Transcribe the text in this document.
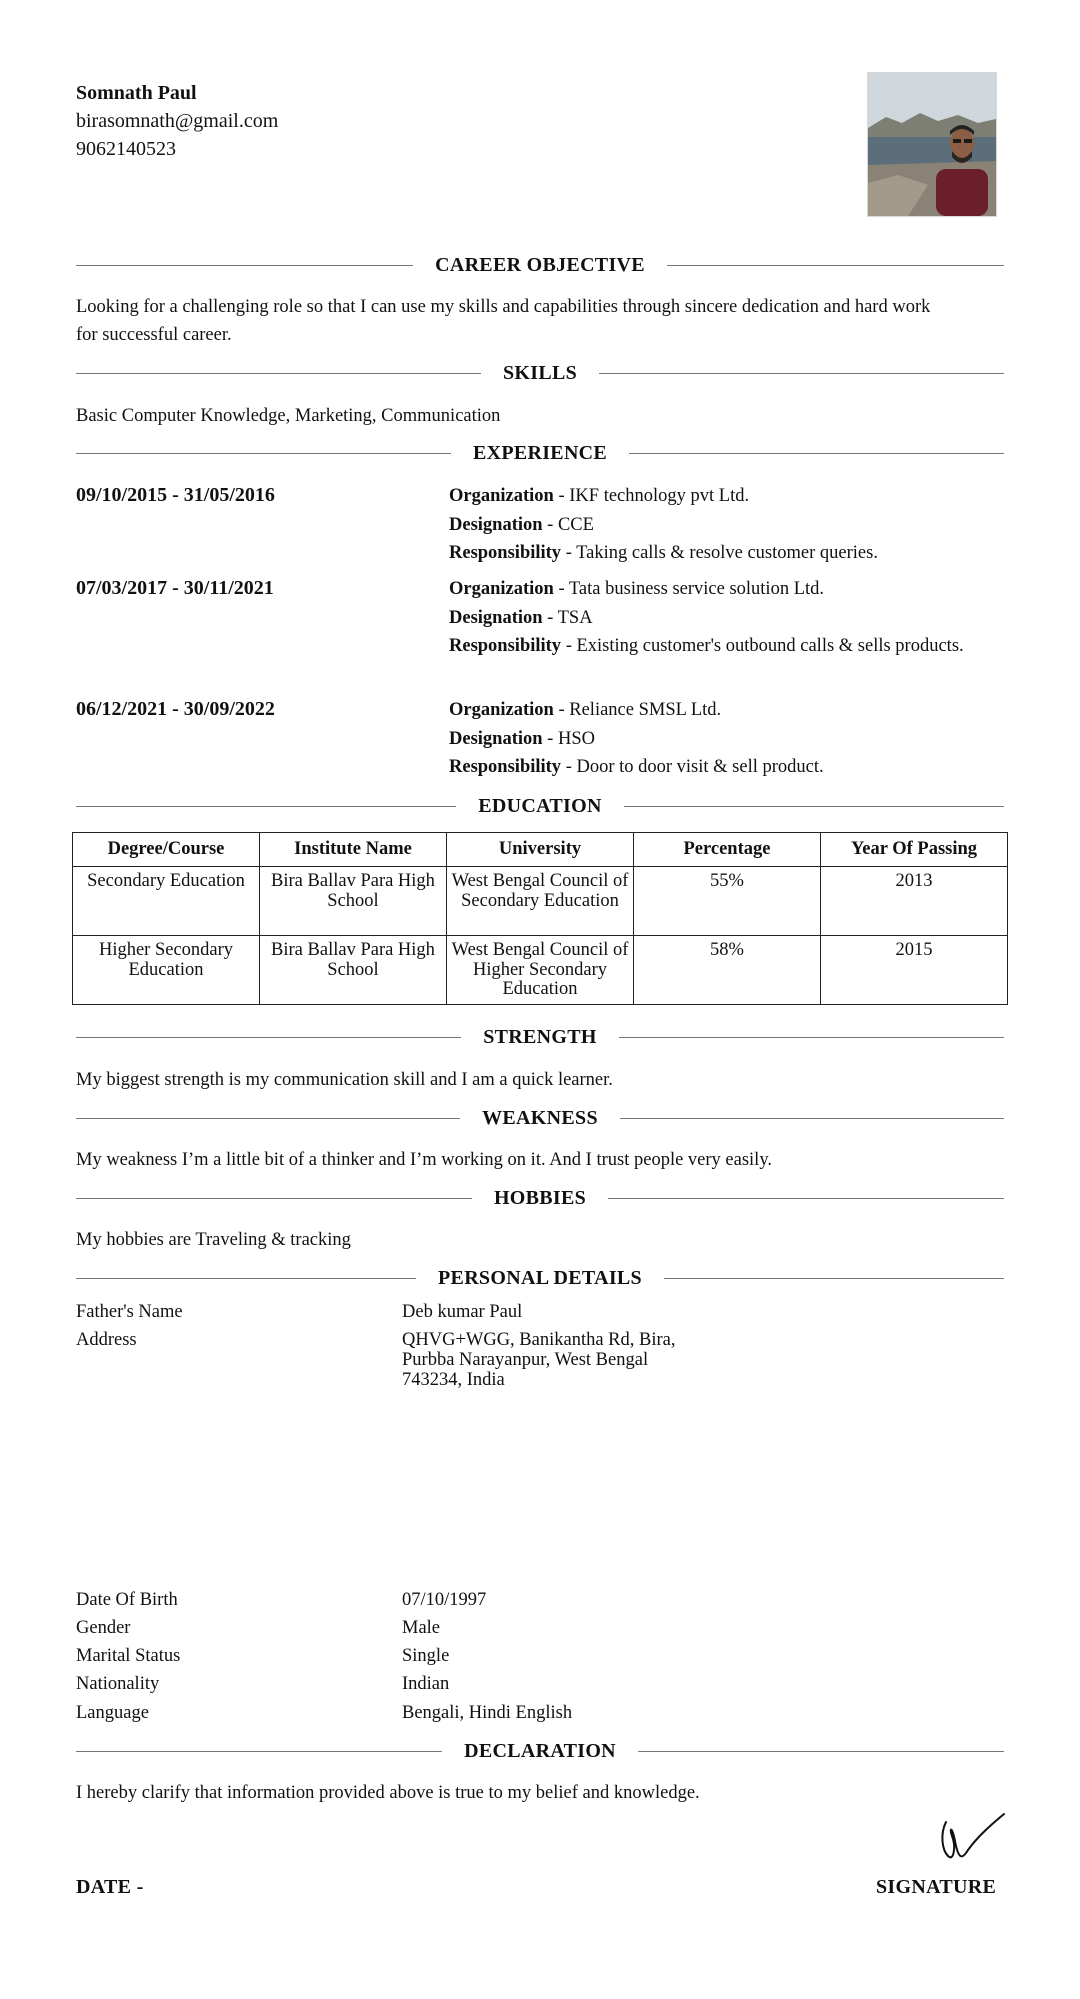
Somnath Paul
birasomnath@gmail.com
9062140523
CAREER OBJECTIVE
Looking for a challenging role so that I can use my skills and capabilities through sincere dedication and hard work
for successful career.
SKILLS
Basic Computer Knowledge, Marketing, Communication
EXPERIENCE
09/10/2015 - 31/05/2016	Organization - IKF technology pvt Ltd.
Designation - CCE
Responsibility - Taking calls & resolve customer queries.
07/03/2017 - 30/11/2021	Organization - Tata business service solution Ltd.
Designation - TSA
Responsibility - Existing customer's outbound calls & sells products.
06/12/2021 - 30/09/2022	Organization - Reliance SMSL Ltd.
Designation - HSO
Responsibility - Door to door visit & sell product.
EDUCATION
Degree/Course	Institute Name	University	Percentage	Year Of Passing
Secondary Education	Bira Ballav Para High School	West Bengal Council of Secondary Education	55%	2013
Higher Secondary Education	Bira Ballav Para High School	West Bengal Council of Higher Secondary Education	58%	2015
STRENGTH
My biggest strength is my communication skill and I am a quick learner.
WEAKNESS
My weakness I’m a little bit of a thinker and I’m working on it. And I trust people very easily.
HOBBIES
My hobbies are Traveling & tracking
PERSONAL DETAILS
Father's Name	Deb kumar Paul
Address	QHVG+WGG, Banikantha Rd, Bira,
Purbba Narayanpur, West Bengal
743234, India
Date Of Birth	07/10/1997
Gender	Male
Marital Status	Single
Nationality	Indian
Language	Bengali, Hindi English
DECLARATION
I hereby clarify that information provided above is true to my belief and knowledge.
DATE -	SIGNATURE
